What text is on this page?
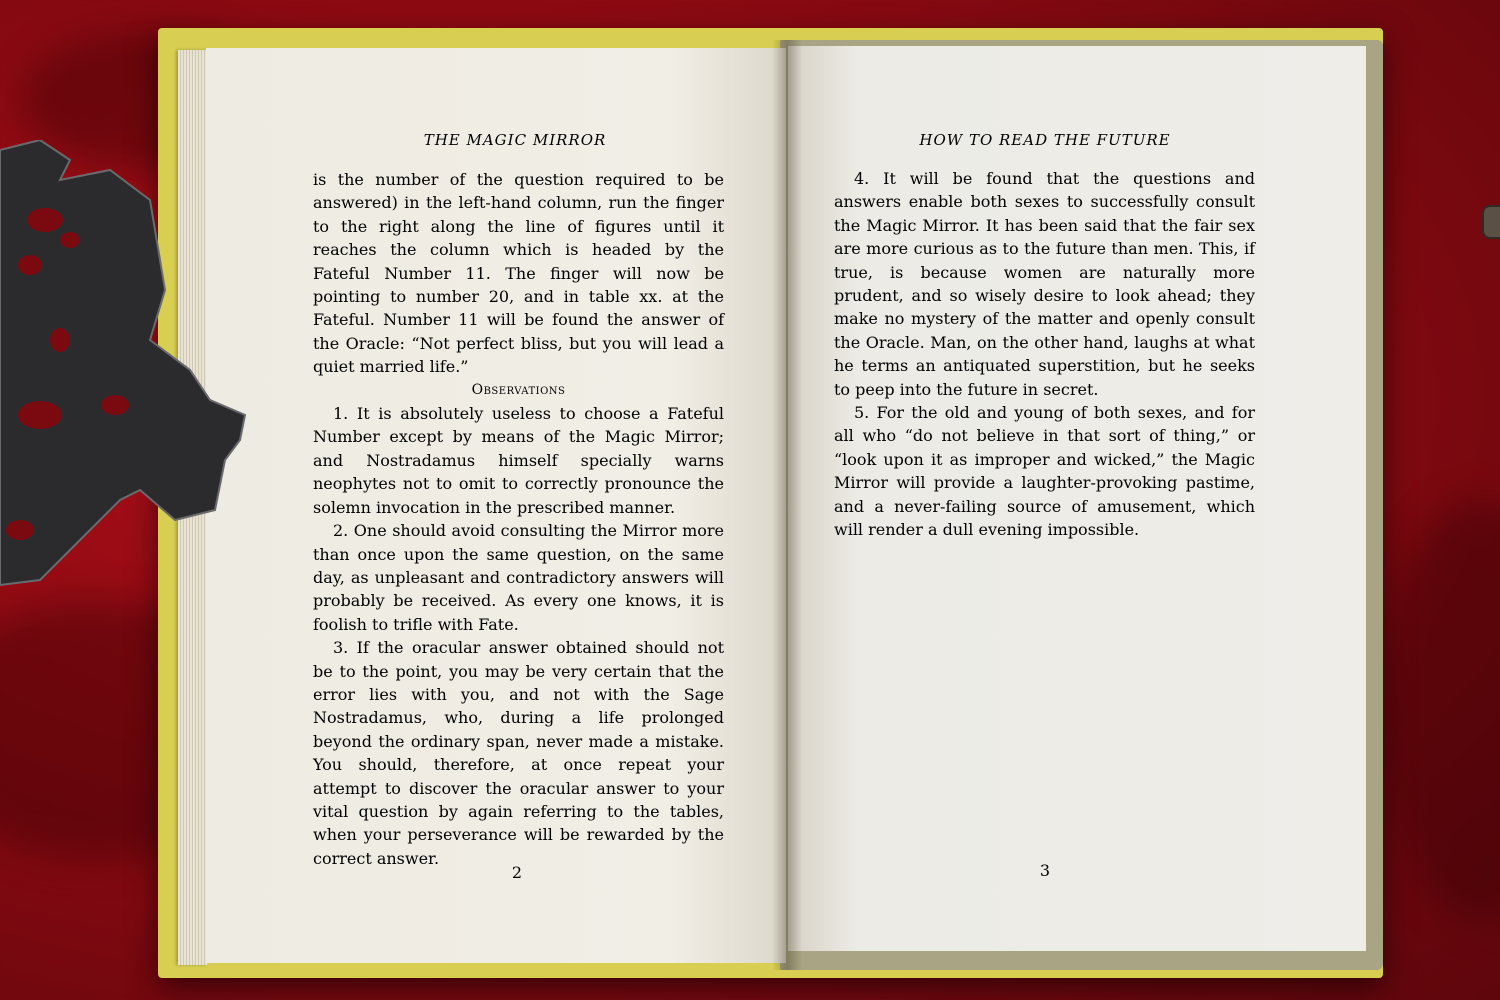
THE MAGIC MIRROR

is the number of the question required to be answered) in the left-hand column, run the finger to the right along the line of figures until it reaches the column which is headed by the Fateful Number 11. The finger will now be pointing to number 20, and in table xx. at the Fateful. Number 11 will be found the answer of the Oracle: “Not perfect bliss, but you will lead a quiet married life.”

Observations

1. It is absolutely useless to choose a Fateful Number except by means of the Magic Mirror; and Nostradamus himself specially warns neophytes not to omit to correctly pronounce the solemn invocation in the prescribed manner.

2. One should avoid consulting the Mirror more than once upon the same question, on the same day, as unpleasant and contradictory answers will probably be received. As every one knows, it is foolish to trifle with Fate.

3. If the oracular answer obtained should not be to the point, you may be very certain that the error lies with you, and not with the Sage Nostradamus, who, during a life prolonged beyond the ordinary span, never made a mistake. You should, therefore, at once repeat your attempt to discover the oracular answer to your vital question by again referring to the tables, when your perseverance will be rewarded by the correct answer.

2
HOW TO READ THE FUTURE

4. It will be found that the questions and answers enable both sexes to successfully consult the Magic Mirror. It has been said that the fair sex are more curious as to the future than men. This, if true, is because women are naturally more prudent, and so wisely desire to look ahead; they make no mystery of the matter and openly consult the Oracle. Man, on the other hand, laughs at what he terms an antiquated superstition, but he seeks to peep into the future in secret.

5. For the old and young of both sexes, and for all who “do not believe in that sort of thing,” or “look upon it as improper and wicked,” the Magic Mirror will provide a laughter-provoking pastime, and a never-failing source of amusement, which will render a dull evening impossible.

3
